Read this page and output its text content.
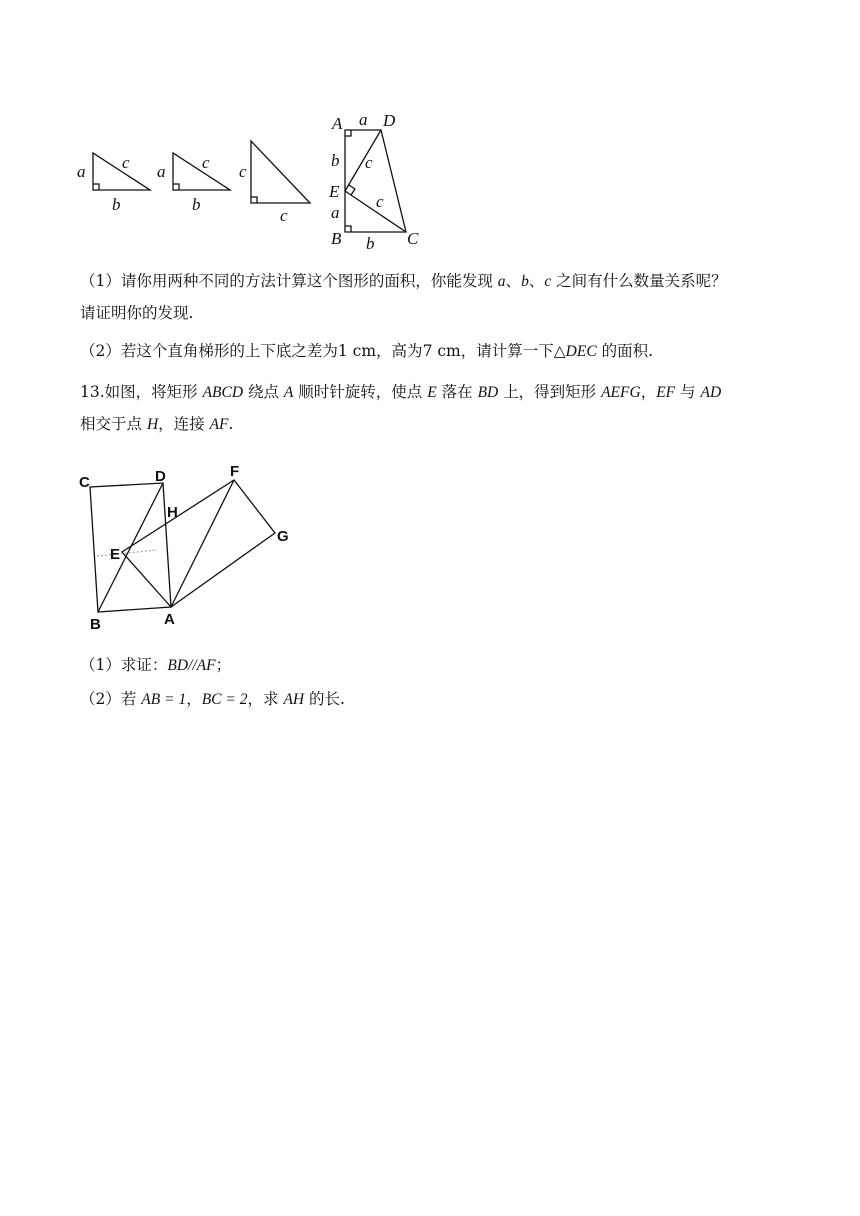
a c
b
a c
b
c
c
A a D
b c
E
c
a
B b C
（1）请你用两种不同的方法计算这个图形的面积，你能发现 a、b、c 之间有什么数量关系呢？
请证明你的发现.
（2）若这个直角梯形的上下底之差为1 cm，高为7 cm，请计算一下△DEC 的面积.
13.如图，将矩形 ABCD 绕点 A 顺时针旋转，使点 E 落在 BD 上，得到矩形 AEFG，EF 与 AD
相交于点 H，连接 AF.
C	D	F
H
E
G
B	A
（1）求证：BD//AF；
（2）若 AB = 1，BC = 2，求 AH 的长.
